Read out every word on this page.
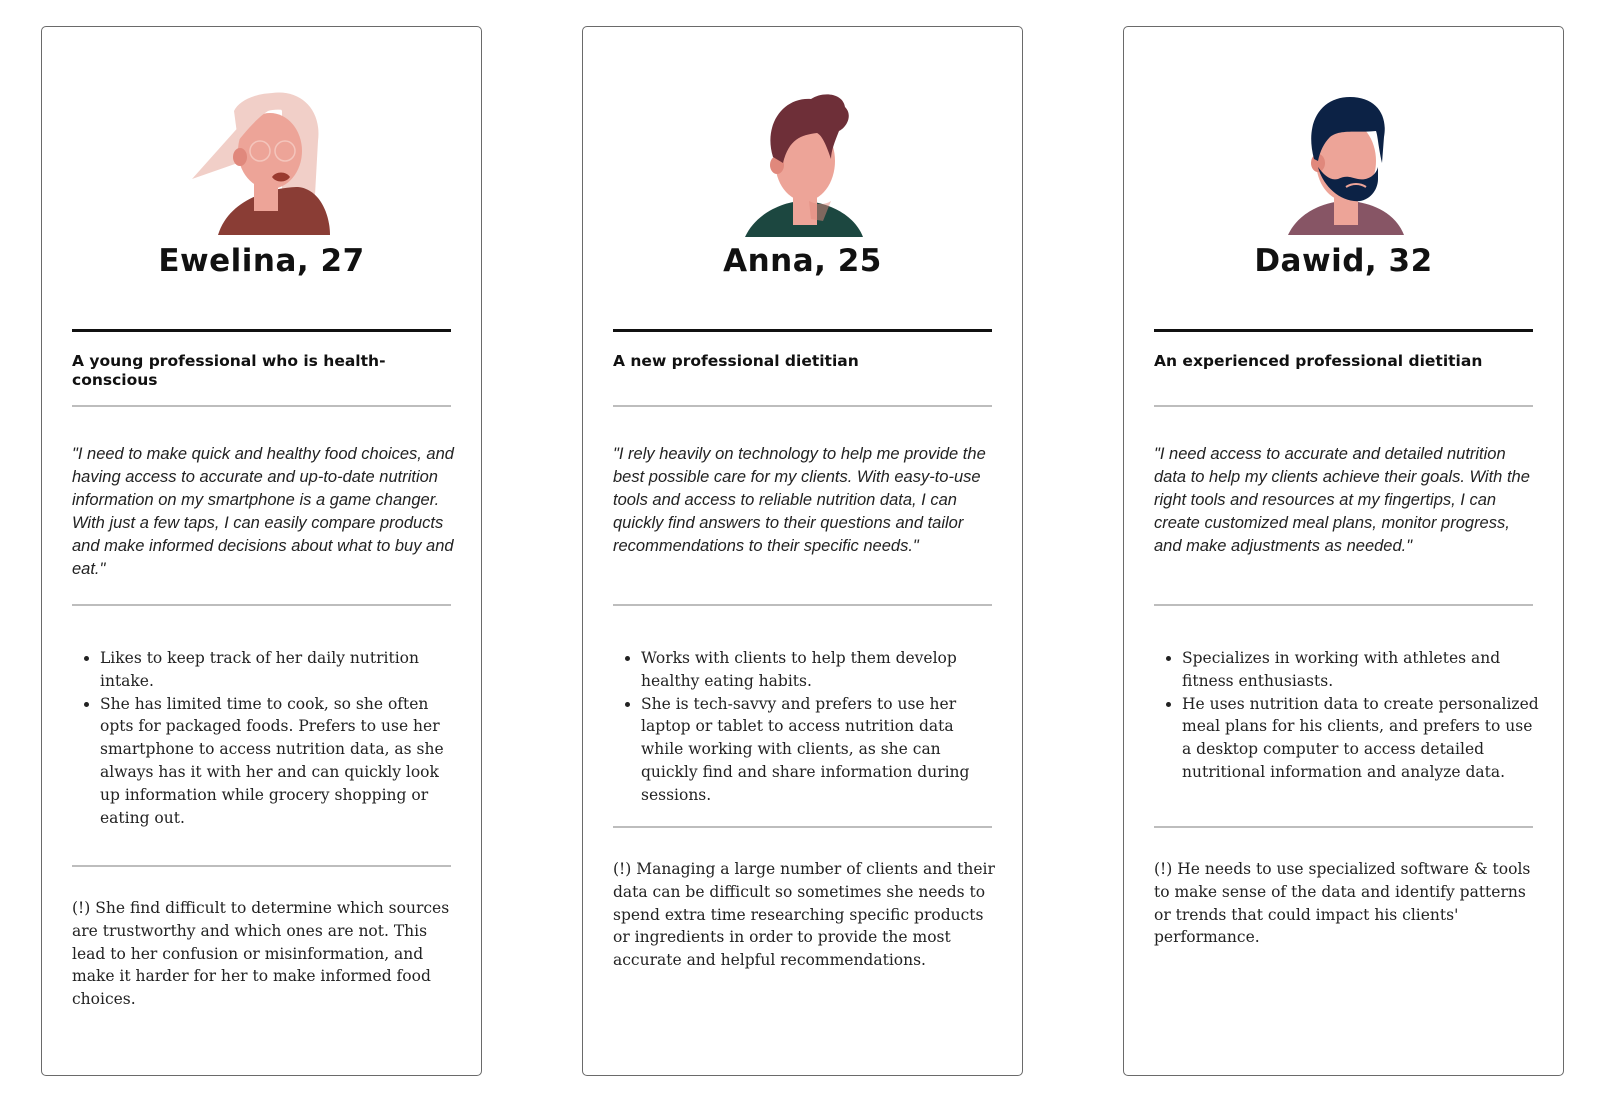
Ewelina, 27
A young professional who is health-conscious
"I need to make quick and healthy food choices, and having access to accurate and up-to-date nutrition information on my smartphone is a game changer. With just a few taps, I can easily compare products and make informed decisions about what to buy and eat."
• Likes to keep track of her daily nutrition intake.
• She has limited time to cook, so she often opts for packaged foods. Prefers to use her smartphone to access nutrition data, as she always has it with her and can quickly look up information while grocery shopping or eating out.
(!) She find difficult to determine which sources are trustworthy and which ones are not. This lead to her confusion or misinformation, and make it harder for her to make informed food choices.
Anna, 25
A new professional dietitian
"I rely heavily on technology to help me provide the best possible care for my clients. With easy-to-use tools and access to reliable nutrition data, I can quickly find answers to their questions and tailor recommendations to their specific needs."
• Works with clients to help them develop healthy eating habits.
• She is tech-savvy and prefers to use her laptop or tablet to access nutrition data while working with clients, as she can quickly find and share information during sessions.
(!) Managing a large number of clients and their data can be difficult so sometimes she needs to spend extra time researching specific products or ingredients in order to provide the most accurate and helpful recommendations.
Dawid, 32
An experienced professional dietitian
"I need access to accurate and detailed nutrition data to help my clients achieve their goals. With the right tools and resources at my fingertips, I can create customized meal plans, monitor progress, and make adjustments as needed."
• Specializes in working with athletes and fitness enthusiasts.
• He uses nutrition data to create personalized meal plans for his clients, and prefers to use a desktop computer to access detailed nutritional information and analyze data.
(!) He needs to use specialized software & tools to make sense of the data and identify patterns or trends that could impact his clients' performance.
